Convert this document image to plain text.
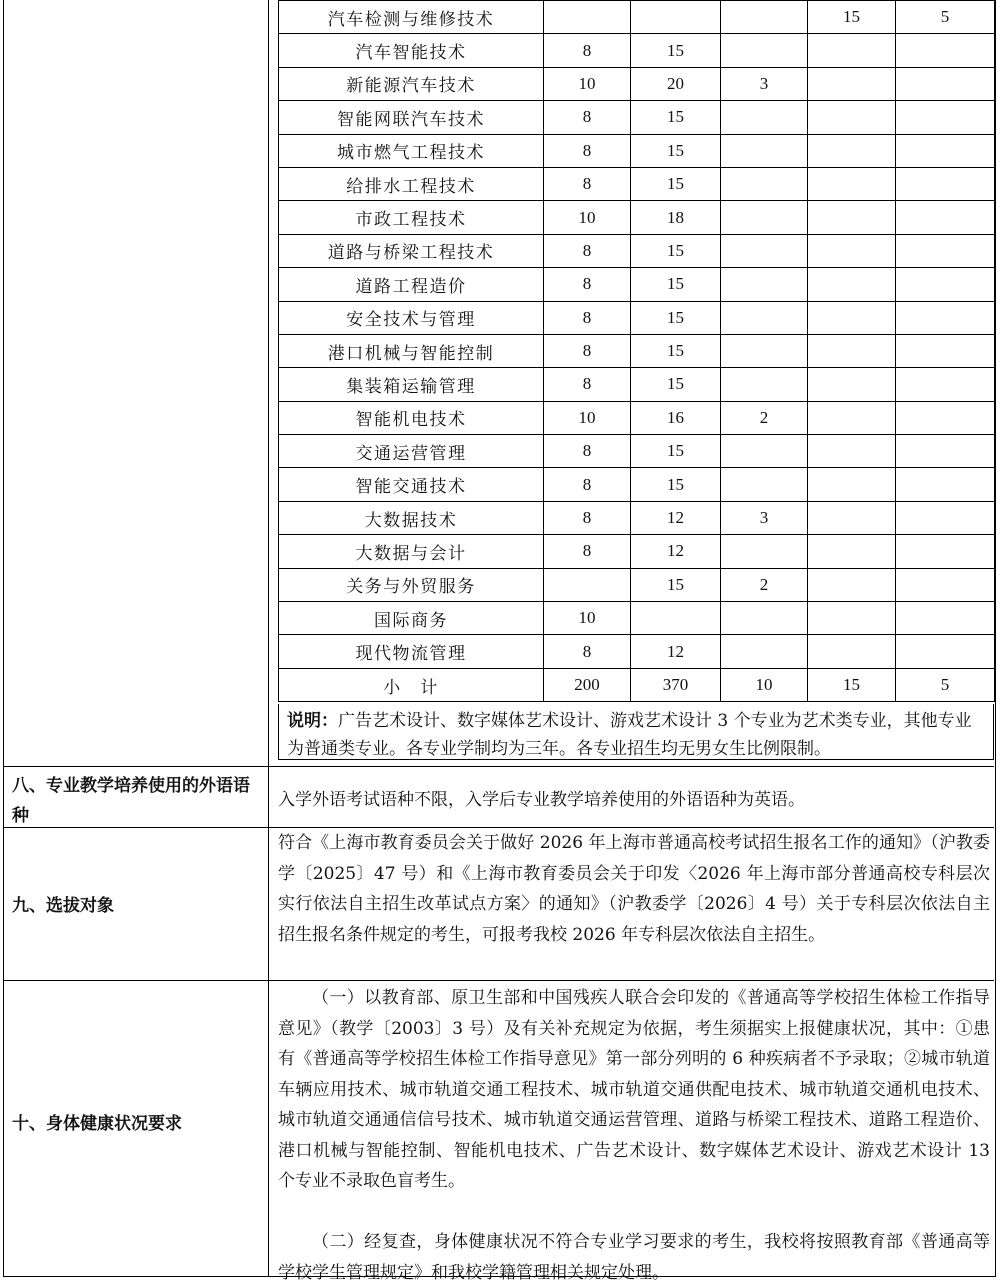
汽车检测与维修技术				15	5
汽车智能技术	8	15			
新能源汽车技术	10	20	3		
智能网联汽车技术	8	15			
城市燃气工程技术	8	15			
给排水工程技术	8	15			
市政工程技术	10	18			
道路与桥梁工程技术	8	15			
道路工程造价	8	15			
安全技术与管理	8	15			
港口机械与智能控制	8	15			
集装箱运输管理	8	15			
智能机电技术	10	16	2		
交通运营管理	8	15			
智能交通技术	8	15			
大数据技术	8	12	3		
大数据与会计	8	12			
关务与外贸服务		15	2		
国际商务	10				
现代物流管理	8	12			
小　计	200	370	10	15	5
说明：广告艺术设计、数字媒体艺术设计、游戏艺术设计 3 个专业为艺术类专业，其他专业为普通类专业。各专业学制均为三年。各专业招生均无男女生比例限制。
八、专业教学培养使用的外语语种
入学外语考试语种不限，入学后专业教学培养使用的外语语种为英语。
九、选拔对象
符合《上海市教育委员会关于做好 2026 年上海市普通高校考试招生报名工作的通知》（沪教委学〔2025〕47 号）和《上海市教育委员会关于印发〈2026 年上海市部分普通高校专科层次实行依法自主招生改革试点方案〉的通知》（沪教委学〔2026〕4 号）关于专科层次依法自主招生报名条件规定的考生，可报考我校 2026 年专科层次依法自主招生。
十、身体健康状况要求
（一）以教育部、原卫生部和中国残疾人联合会印发的《普通高等学校招生体检工作指导意见》（教学〔2003〕3 号）及有关补充规定为依据，考生须据实上报健康状况，其中：①患有《普通高等学校招生体检工作指导意见》第一部分列明的 6 种疾病者不予录取；②城市轨道车辆应用技术、城市轨道交通工程技术、城市轨道交通供配电技术、城市轨道交通机电技术、城市轨道交通通信信号技术、城市轨道交通运营管理、道路与桥梁工程技术、道路工程造价、港口机械与智能控制、智能机电技术、广告艺术设计、数字媒体艺术设计、游戏艺术设计 13 个专业不录取色盲考生。
（二）经复查，身体健康状况不符合专业学习要求的考生，我校将按照教育部《普通高等学校学生管理规定》和我校学籍管理相关规定处理。
